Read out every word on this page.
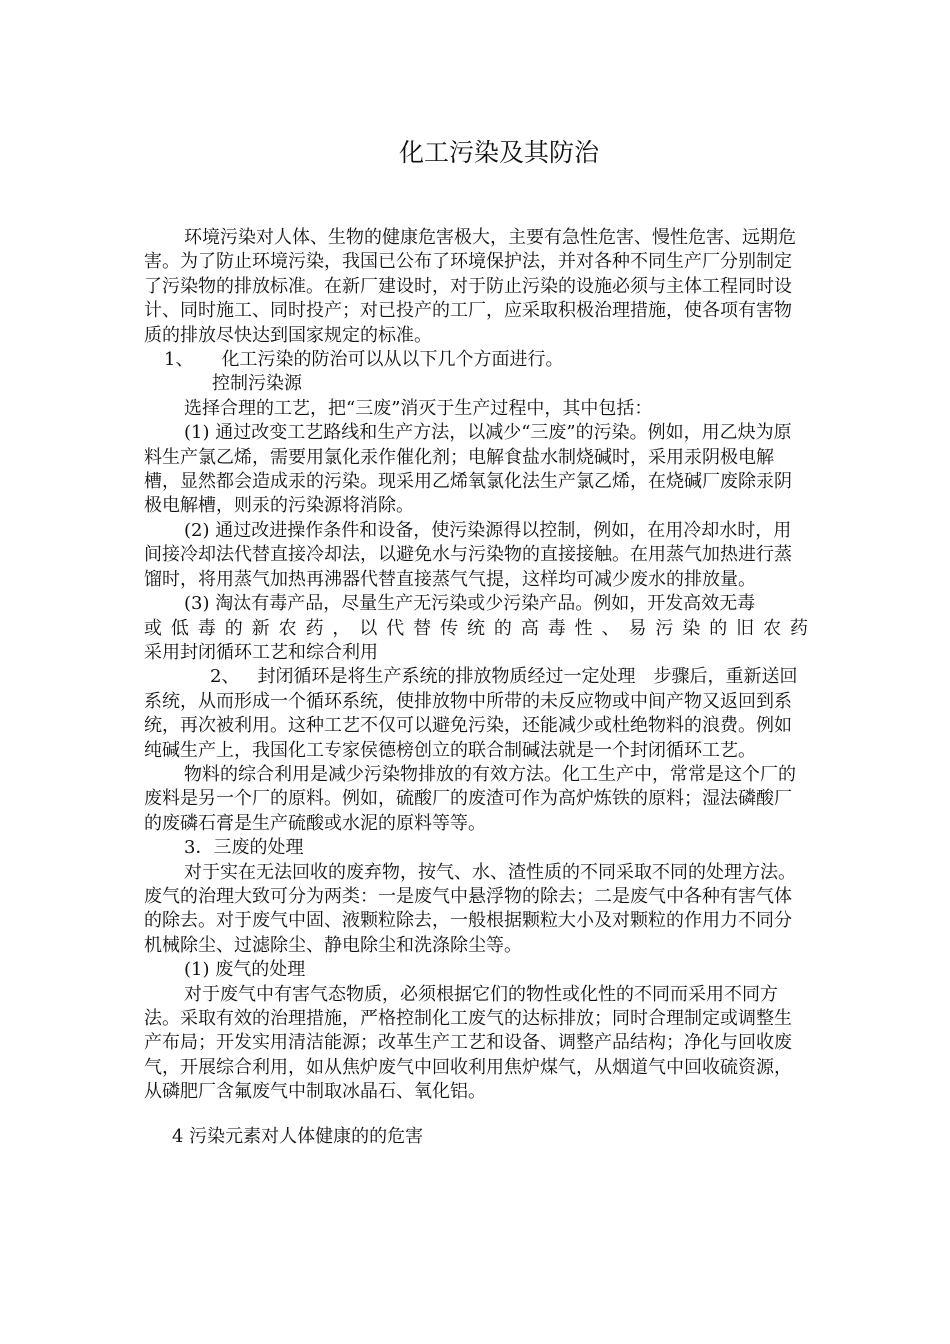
化工污染及其防治

环境污染对人体、生物的健康危害极大，主要有急性危害、慢性危害、远期危害。为了防止环境污染，我国已公布了环境保护法，并对各种不同生产厂分别制定了污染物的排放标准。在新厂建设时，对于防止污染的设施必须与主体工程同时设计、同时施工、同时投产；对已投产的工厂，应采取积极治理措施，使各项有害物质的排放尽快达到国家规定的标准。

1、 化工污染的防治可以从以下几个方面进行。

控制污染源

选择合理的工艺，把“三废”消灭于生产过程中，其中包括：

(1) 通过改变工艺路线和生产方法，以减少“三废”的污染。例如，用乙炔为原料生产氯乙烯，需要用氯化汞作催化剂；电解食盐水制烧碱时，采用汞阴极电解槽，显然都会造成汞的污染。现采用乙烯氧氯化法生产氯乙烯，在烧碱厂废除汞阴极电解槽，则汞的污染源将消除。

(2) 通过改进操作条件和设备，使污染源得以控制，例如，在用冷却水时，用间接冷却法代替直接冷却法，以避免水与污染物的直接接触。在用蒸气加热进行蒸馏时，将用蒸气加热再沸器代替直接蒸气气提，这样均可减少废水的排放量。

(3) 淘汰有毒产品，尽量生产无污染或少污染产品。例如，开发高效无毒

或低毒的新农药，以代替传统的高毒性、易污染的旧农药

采用封闭循环工艺和综合利用

2、 封闭循环是将生产系统的排放物质经过一定处理　步骤后，重新送回系统，从而形成一个循环系统，使排放物中所带的未反应物或中间产物又返回到系统，再次被利用。这种工艺不仅可以避免污染，还能减少或杜绝物料的浪费。例如纯碱生产上，我国化工专家侯德榜创立的联合制碱法就是一个封闭循环工艺。

物料的综合利用是减少污染物排放的有效方法。化工生产中，常常是这个厂的废料是另一个厂的原料。例如，硫酸厂的废渣可作为高炉炼铁的原料；湿法磷酸厂的废磷石膏是生产硫酸或水泥的原料等等。

3．三废的处理

对于实在无法回收的废弃物，按气、水、渣性质的不同采取不同的处理方法。废气的治理大致可分为两类：一是废气中悬浮物的除去；二是废气中各种有害气体的除去。对于废气中固、液颗粒除去，一般根据颗粒大小及对颗粒的作用力不同分机械除尘、过滤除尘、静电除尘和洗涤除尘等。

(1) 废气的处理

对于废气中有害气态物质，必须根据它们的物性或化性的不同而采用不同方法。采取有效的治理措施，严格控制化工废气的达标排放；同时合理制定或调整生产布局；开发实用清洁能源；改革生产工艺和设备、调整产品结构；净化与回收废气，开展综合利用，如从焦炉废气中回收利用焦炉煤气，从烟道气中回收硫资源，从磷肥厂含氟废气中制取冰晶石、氧化铝。

4 污染元素对人体健康的的危害
